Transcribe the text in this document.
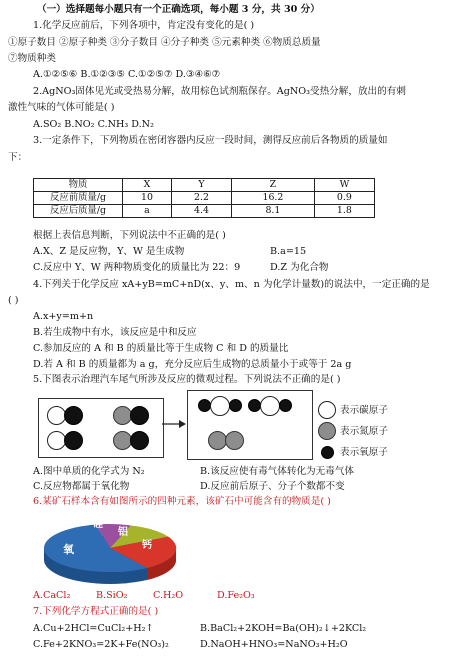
（一）选择题每小题只有一个正确选项，每小题 3 分，共 30 分）
1.化学反应前后，下列各项中，肯定没有变化的是( )
①原子数目 ②原子种类 ③分子数目 ④分子种类 ⑤元素种类 ⑥物质总质量
⑦物质种类
A.①②⑤⑥ B.①②③⑤ C.①②⑤⑦ D.③④⑥⑦
2.AgNO₃固体见光或受热易分解，故用棕色试剂瓶保存。AgNO₃受热分解，放出的有刺
激性气味的气体可能是( )
A.SO₂ B.NO₂ C.NH₃ D.N₂
3.一定条件下，下列物质在密闭容器内反应一段时间，测得反应前后各物质的质量如
下：
物质	X	Y	Z	W
反应前质量/g	10	2.2	16.2	0.9
反应后质量/g	a	4.4	8.1	1.8
根据上表信息判断，下列说法中不正确的是( )
A.X、Z 是反应物，Y、W 是生成物	B.a=15
C.反应中 Y、W 两种物质变化的质量比为 22：9	D.Z 为化合物
4.下列关于化学反应 xA+yB=mC+nD(x、y、m、n 为化学计量数)的说法中，一定正确的是
( )
A.x+y=m+n
B.若生成物中有水，该反应是中和反应
C.参加反应的 A 和 B 的质量比等于生成物 C 和 D 的质量比
D.若 A 和 B 的质量都为 a g，充分反应后生成物的总质量小于或等于 2a g
5.下图表示治理汽车尾气所涉及反应的微观过程。下列说法不正确的是( )
表示碳原子
表示氮原子
表示氧原子
A.图中单质的化学式为 N₂	B.该反应使有毒气体转化为无毒气体
C.反应物都属于氧化物	D.反应前后原子、分子个数都不变
6.某矿石样本含有如图所示的四种元素，该矿石中可能含有的物质是( )
硅
铝
钙
氧
A.CaCl₂	B.SiO₂	C.H₂O	D.Fe₂O₃
7.下列化学方程式正确的是( )
A.Cu+2HCl=CuCl₂+H₂↑	B.BaCl₂+2KOH=Ba(OH)₂↓+2KCl₂
C.Fe+2KNO₃=2K+Fe(NO₃)₂	D.NaOH+HNO₃=NaNO₃+H₂O
